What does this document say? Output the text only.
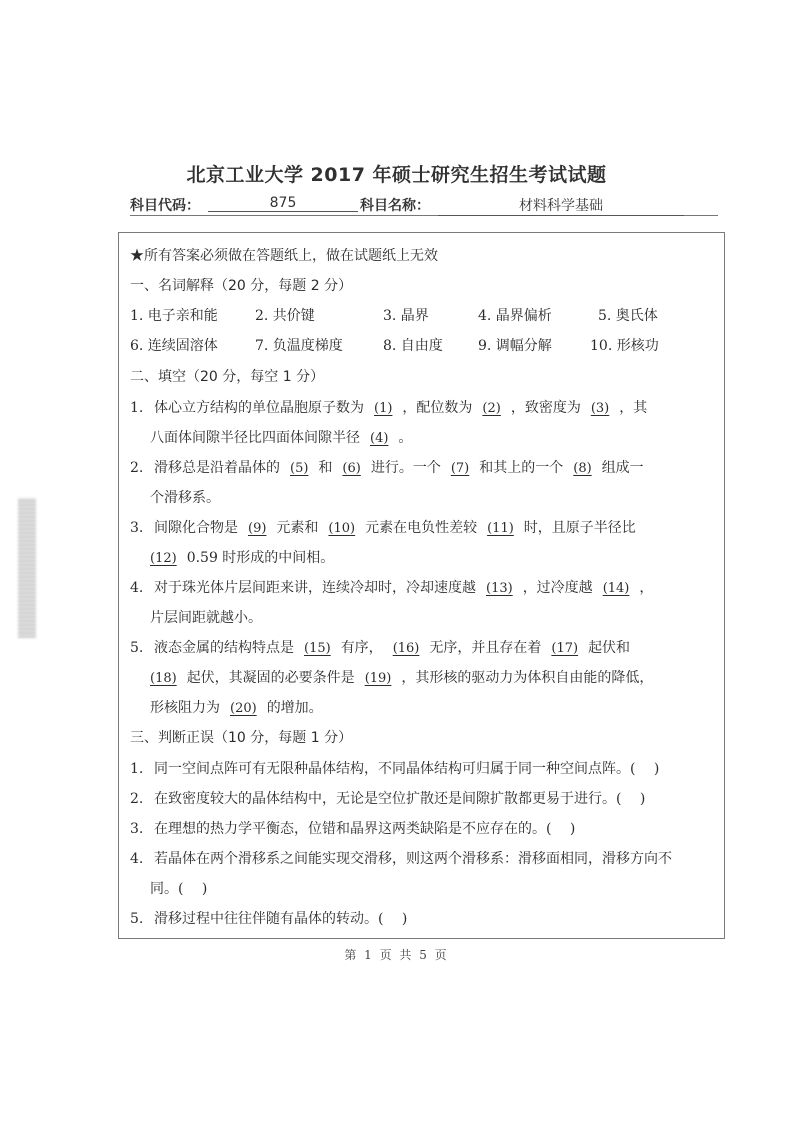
北京工业大学 2017 年硕士研究生招生考试试题
科目代码：	875	科目名称：	材料科学基础
★所有答案必须做在答题纸上，做在试题纸上无效
一、名词解释（20 分，每题 2 分）
1. 电子亲和能	2. 共价键	3. 晶界	4. 晶界偏析	5. 奥氏体
6. 连续固溶体	7. 负温度梯度	8. 自由度	9. 调幅分解	10. 形核功
二、填空（20 分，每空 1 分）
1. 体心立方结构的单位晶胞原子数为 (1) ，配位数为 (2) ，致密度为 (3) ，其
八面体间隙半径比四面体间隙半径 (4) 。
2. 滑移总是沿着晶体的 (5) 和 (6) 进行。一个 (7) 和其上的一个 (8) 组成一
个滑移系。
3. 间隙化合物是 (9) 元素和 (10) 元素在电负性差较 (11) 时，且原子半径比
(12) 0.59 时形成的中间相。
4. 对于珠光体片层间距来讲，连续冷却时，冷却速度越 (13) ，过冷度越 (14) ，
片层间距就越小。
5. 液态金属的结构特点是 (15) 有序， (16) 无序，并且存在着 (17) 起伏和
(18) 起伏，其凝固的必要条件是 (19) ，其形核的驱动力为体积自由能的降低，
形核阻力为 (20) 的增加。
三、判断正误（10 分，每题 1 分）
1. 同一空间点阵可有无限种晶体结构，不同晶体结构可归属于同一种空间点阵。(　 )
2. 在致密度较大的晶体结构中，无论是空位扩散还是间隙扩散都更易于进行。(　 )
3. 在理想的热力学平衡态，位错和晶界这两类缺陷是不应存在的。(　 )
4. 若晶体在两个滑移系之间能实现交滑移，则这两个滑移系：滑移面相同，滑移方向不
同。(　 )
5. 滑移过程中往往伴随有晶体的转动。(　 )
第 1 页 共 5 页
